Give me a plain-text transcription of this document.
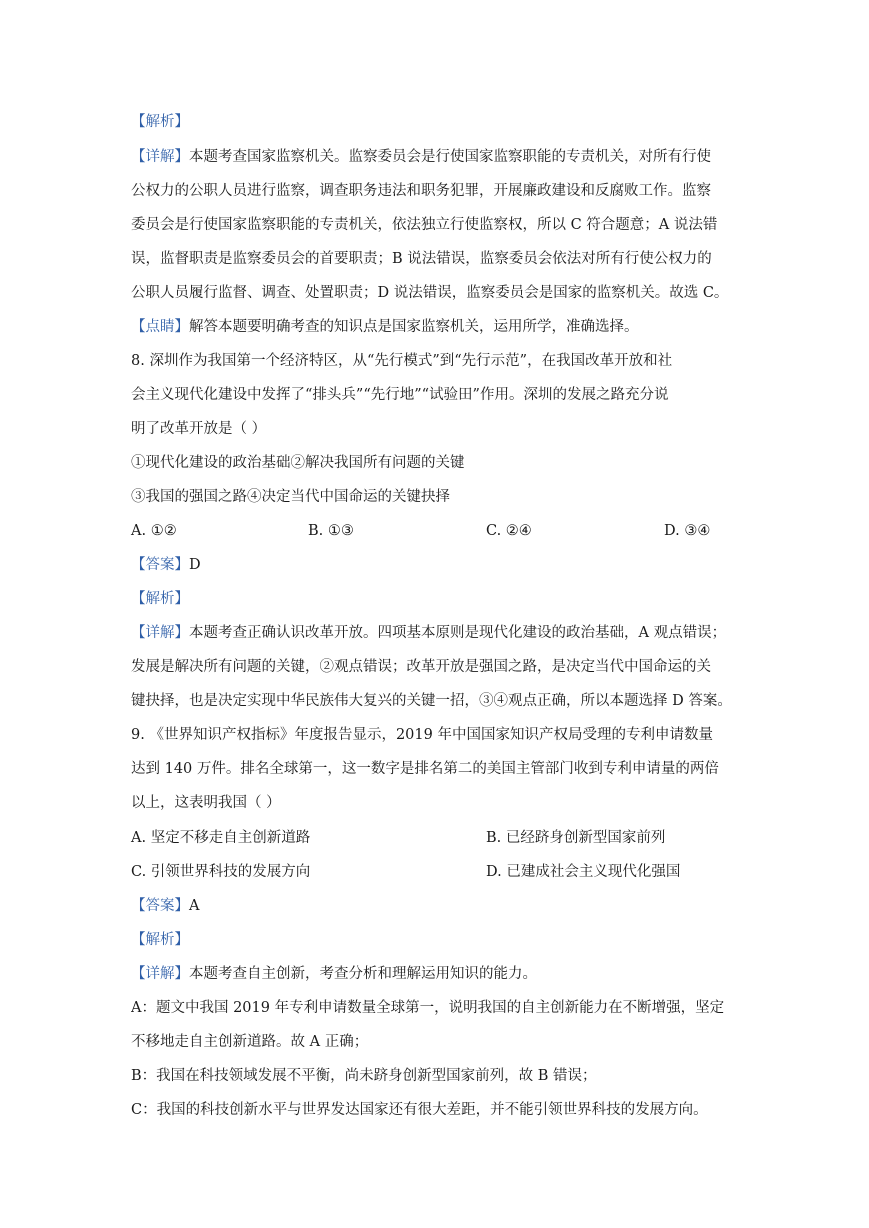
【解析】
【详解】本题考查国家监察机关。监察委员会是行使国家监察职能的专责机关，对所有行使
公权力的公职人员进行监察，调查职务违法和职务犯罪，开展廉政建设和反腐败工作。监察
委员会是行使国家监察职能的专责机关，依法独立行使监察权，所以 C 符合题意；A 说法错
误，监督职责是监察委员会的首要职责；B 说法错误，监察委员会依法对所有行使公权力的
公职人员履行监督、调查、处置职责；D 说法错误，监察委员会是国家的监察机关。故选 C。
【点睛】解答本题要明确考查的知识点是国家监察机关，运用所学，准确选择。
8. 深圳作为我国第一个经济特区，从“先行模式”到“先行示范”，在我国改革开放和社
会主义现代化建设中发挥了“排头兵”“先行地”“试验田”作用。深圳的发展之路充分说
明了改革开放是（ ）
①现代化建设的政治基础②解决我国所有问题的关键
③我国的强国之路④决定当代中国命运的关键抉择
A. ①②	B. ①③	C. ②④	D. ③④
【答案】D
【解析】
【详解】本题考查正确认识改革开放。四项基本原则是现代化建设的政治基础，A 观点错误；
发展是解决所有问题的关键，②观点错误；改革开放是强国之路，是决定当代中国命运的关
键抉择，也是决定实现中华民族伟大复兴的关键一招，③④观点正确，所以本题选择 D 答案。
9. 《世界知识产权指标》年度报告显示，2019 年中国国家知识产权局受理的专利申请数量
达到 140 万件。排名全球第一，这一数字是排名第二的美国主管部门收到专利申请量的两倍
以上，这表明我国（ ）
A. 坚定不移走自主创新道路	B. 已经跻身创新型国家前列
C. 引领世界科技的发展方向	D. 已建成社会主义现代化强国
【答案】A
【解析】
【详解】本题考查自主创新，考查分析和理解运用知识的能力。
A：题文中我国 2019 年专利申请数量全球第一，说明我国的自主创新能力在不断增强，坚定
不移地走自主创新道路。故 A 正确；
B：我国在科技领域发展不平衡，尚未跻身创新型国家前列，故 B 错误；
C：我国的科技创新水平与世界发达国家还有很大差距，并不能引领世界科技的发展方向。
